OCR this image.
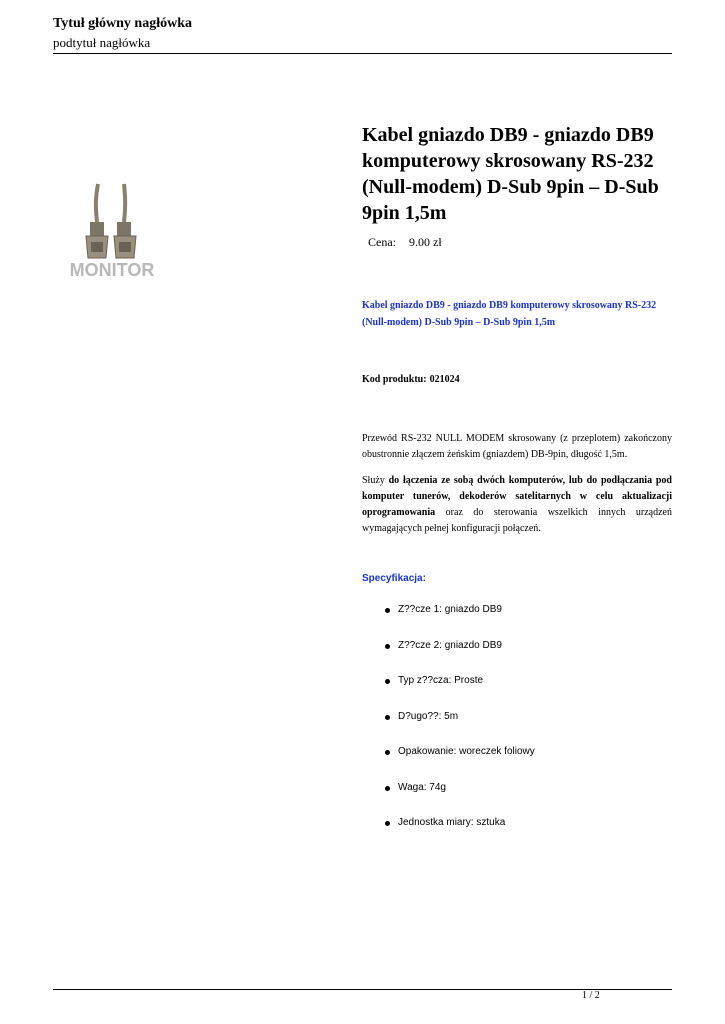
Tytuł główny nagłówka
podtytuł nagłówka
MONITOR
Kabel gniazdo DB9 - gniazdo DB9
komputerowy skrosowany RS-232
(Null-modem) D-Sub 9pin – D-Sub
9pin 1,5m
Cena: 9.00 zł
Kabel gniazdo DB9 - gniazdo DB9 komputerowy skrosowany RS-232 (Null-modem) D-Sub 9pin – D-Sub 9pin 1,5m
Kod produktu: 021024
Przewód RS-232 NULL MODEM skrosowany (z przeplotem) zakończony obustronnie złączem żeńskim (gniazdem) DB-9pin, długość 1,5m.
Służy do łączenia ze sobą dwóch komputerów, lub do podłączania pod komputer tunerów, dekoderów satelitarnych w celu aktualizacji oprogramowania oraz do sterowania wszelkich innych urządzeń wymagających pełnej konfiguracji połączeń.
Specyfikacja:
Z??cze 1: gniazdo DB9
Z??cze 2: gniazdo DB9
Typ z??cza: Proste
D?ugo??: 5m
Opakowanie: woreczek foliowy
Waga: 74g
Jednostka miary: sztuka
1 / 2
